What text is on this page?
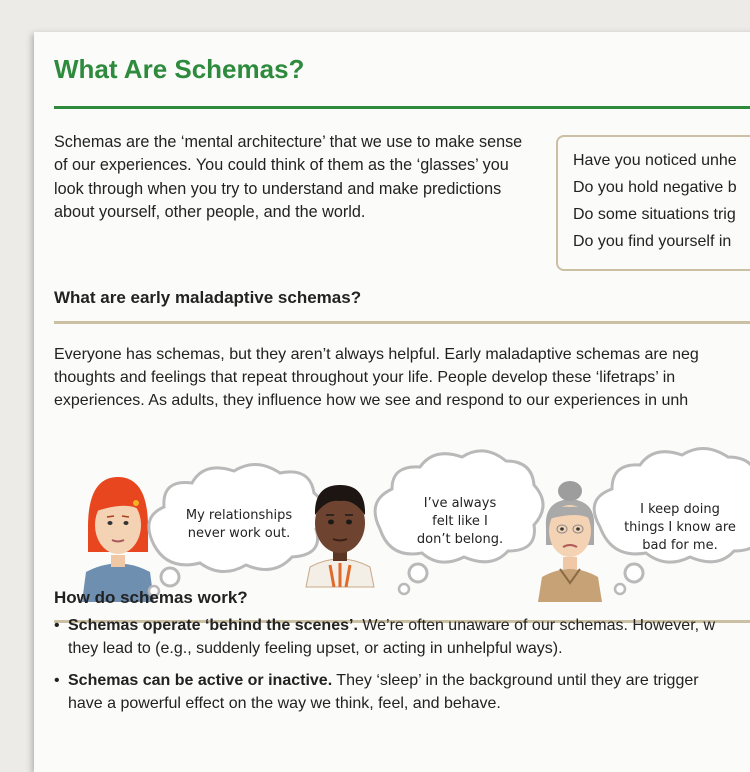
What Are Schemas?

Schemas are the ‘mental architecture’ that we use to make sense of our experiences. You could think of them as the ‘glasses’ you look through when you try to understand and make predictions about yourself, other people, and the world.

Have you noticed unhe
Do you hold negative b
Do some situations trig
Do you find yourself in
What are early maladaptive schemas?

Everyone has schemas, but they aren’t always helpful. Early maladaptive schemas are neg
thoughts and feelings that repeat throughout your life. People develop these ‘lifetraps’ in
experiences. As adults, they influence how we see and respond to our experiences in unh

My relationships
never work out.
I’ve always
felt like I
don’t belong.
I keep doing
things I know are
bad for me.
How do schemas work?
• Schemas operate ‘behind the scenes’. We’re often unaware of our schemas. However, w
they lead to (e.g., suddenly feeling upset, or acting in unhelpful ways).
• Schemas can be active or inactive. They ‘sleep’ in the background until they are trigger
have a powerful effect on the way we think, feel, and behave.
